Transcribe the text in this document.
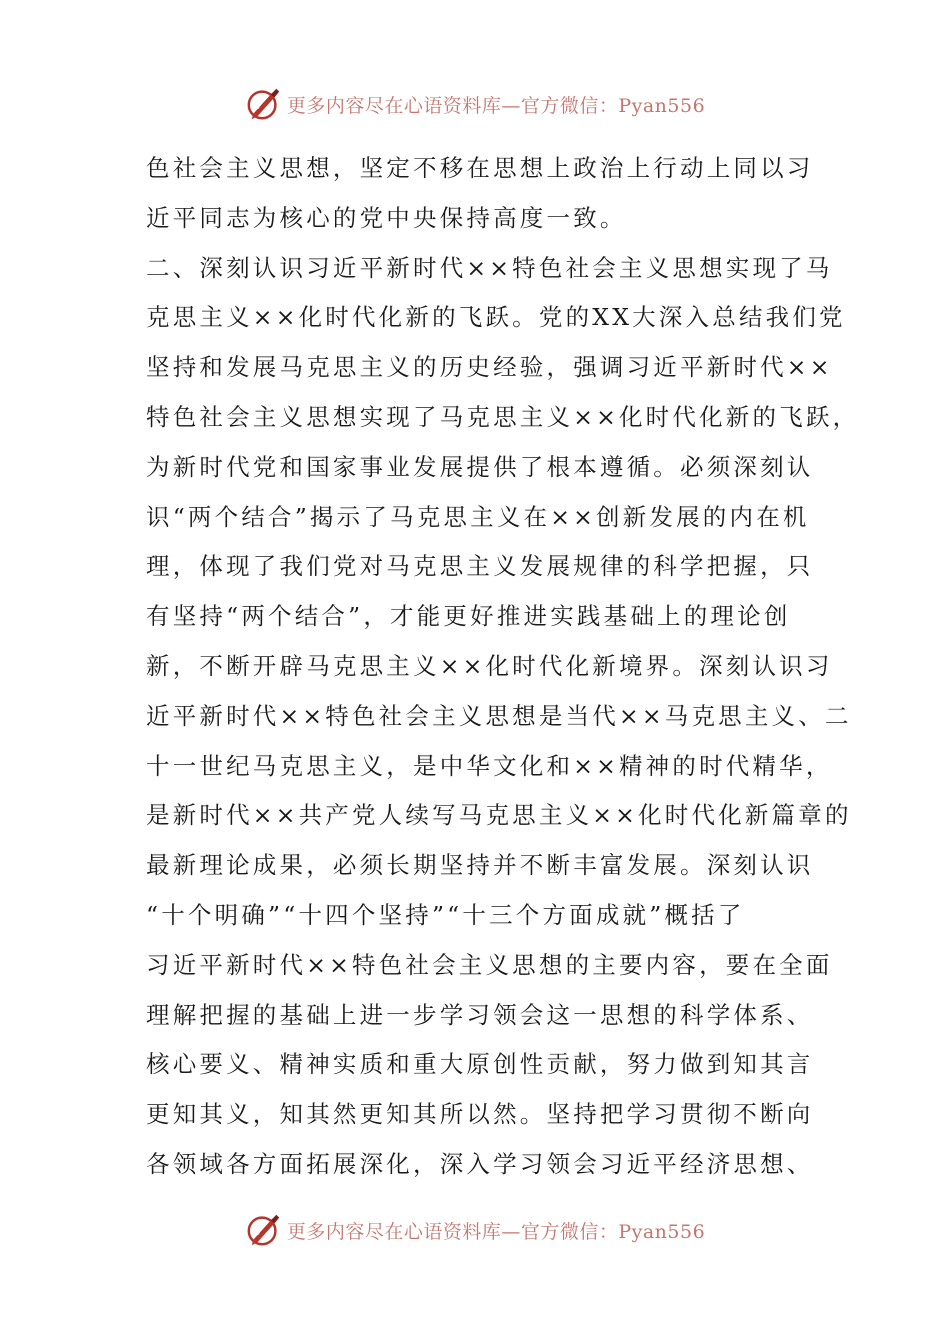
更多内容尽在心语资料库—官方微信：Pyan556
色社会主义思想，坚定不移在思想上政治上行动上同以习
近平同志为核心的党中央保持高度一致。
二、深刻认识习近平新时代××特色社会主义思想实现了马
克思主义××化时代化新的飞跃。党的XX大深入总结我们党
坚持和发展马克思主义的历史经验，强调习近平新时代××
特色社会主义思想实现了马克思主义××化时代化新的飞跃，
为新时代党和国家事业发展提供了根本遵循。必须深刻认
识“两个结合”揭示了马克思主义在××创新发展的内在机
理，体现了我们党对马克思主义发展规律的科学把握，只
有坚持“两个结合”，才能更好推进实践基础上的理论创
新，不断开辟马克思主义××化时代化新境界。深刻认识习
近平新时代××特色社会主义思想是当代××马克思主义、二
十一世纪马克思主义，是中华文化和××精神的时代精华，
是新时代××共产党人续写马克思主义××化时代化新篇章的
最新理论成果，必须长期坚持并不断丰富发展。深刻认识
“十个明确”“十四个坚持”“十三个方面成就”概括了
习近平新时代××特色社会主义思想的主要内容，要在全面
理解把握的基础上进一步学习领会这一思想的科学体系、
核心要义、精神实质和重大原创性贡献，努力做到知其言
更知其义，知其然更知其所以然。坚持把学习贯彻不断向
各领域各方面拓展深化，深入学习领会习近平经济思想、
更多内容尽在心语资料库—官方微信：Pyan556
